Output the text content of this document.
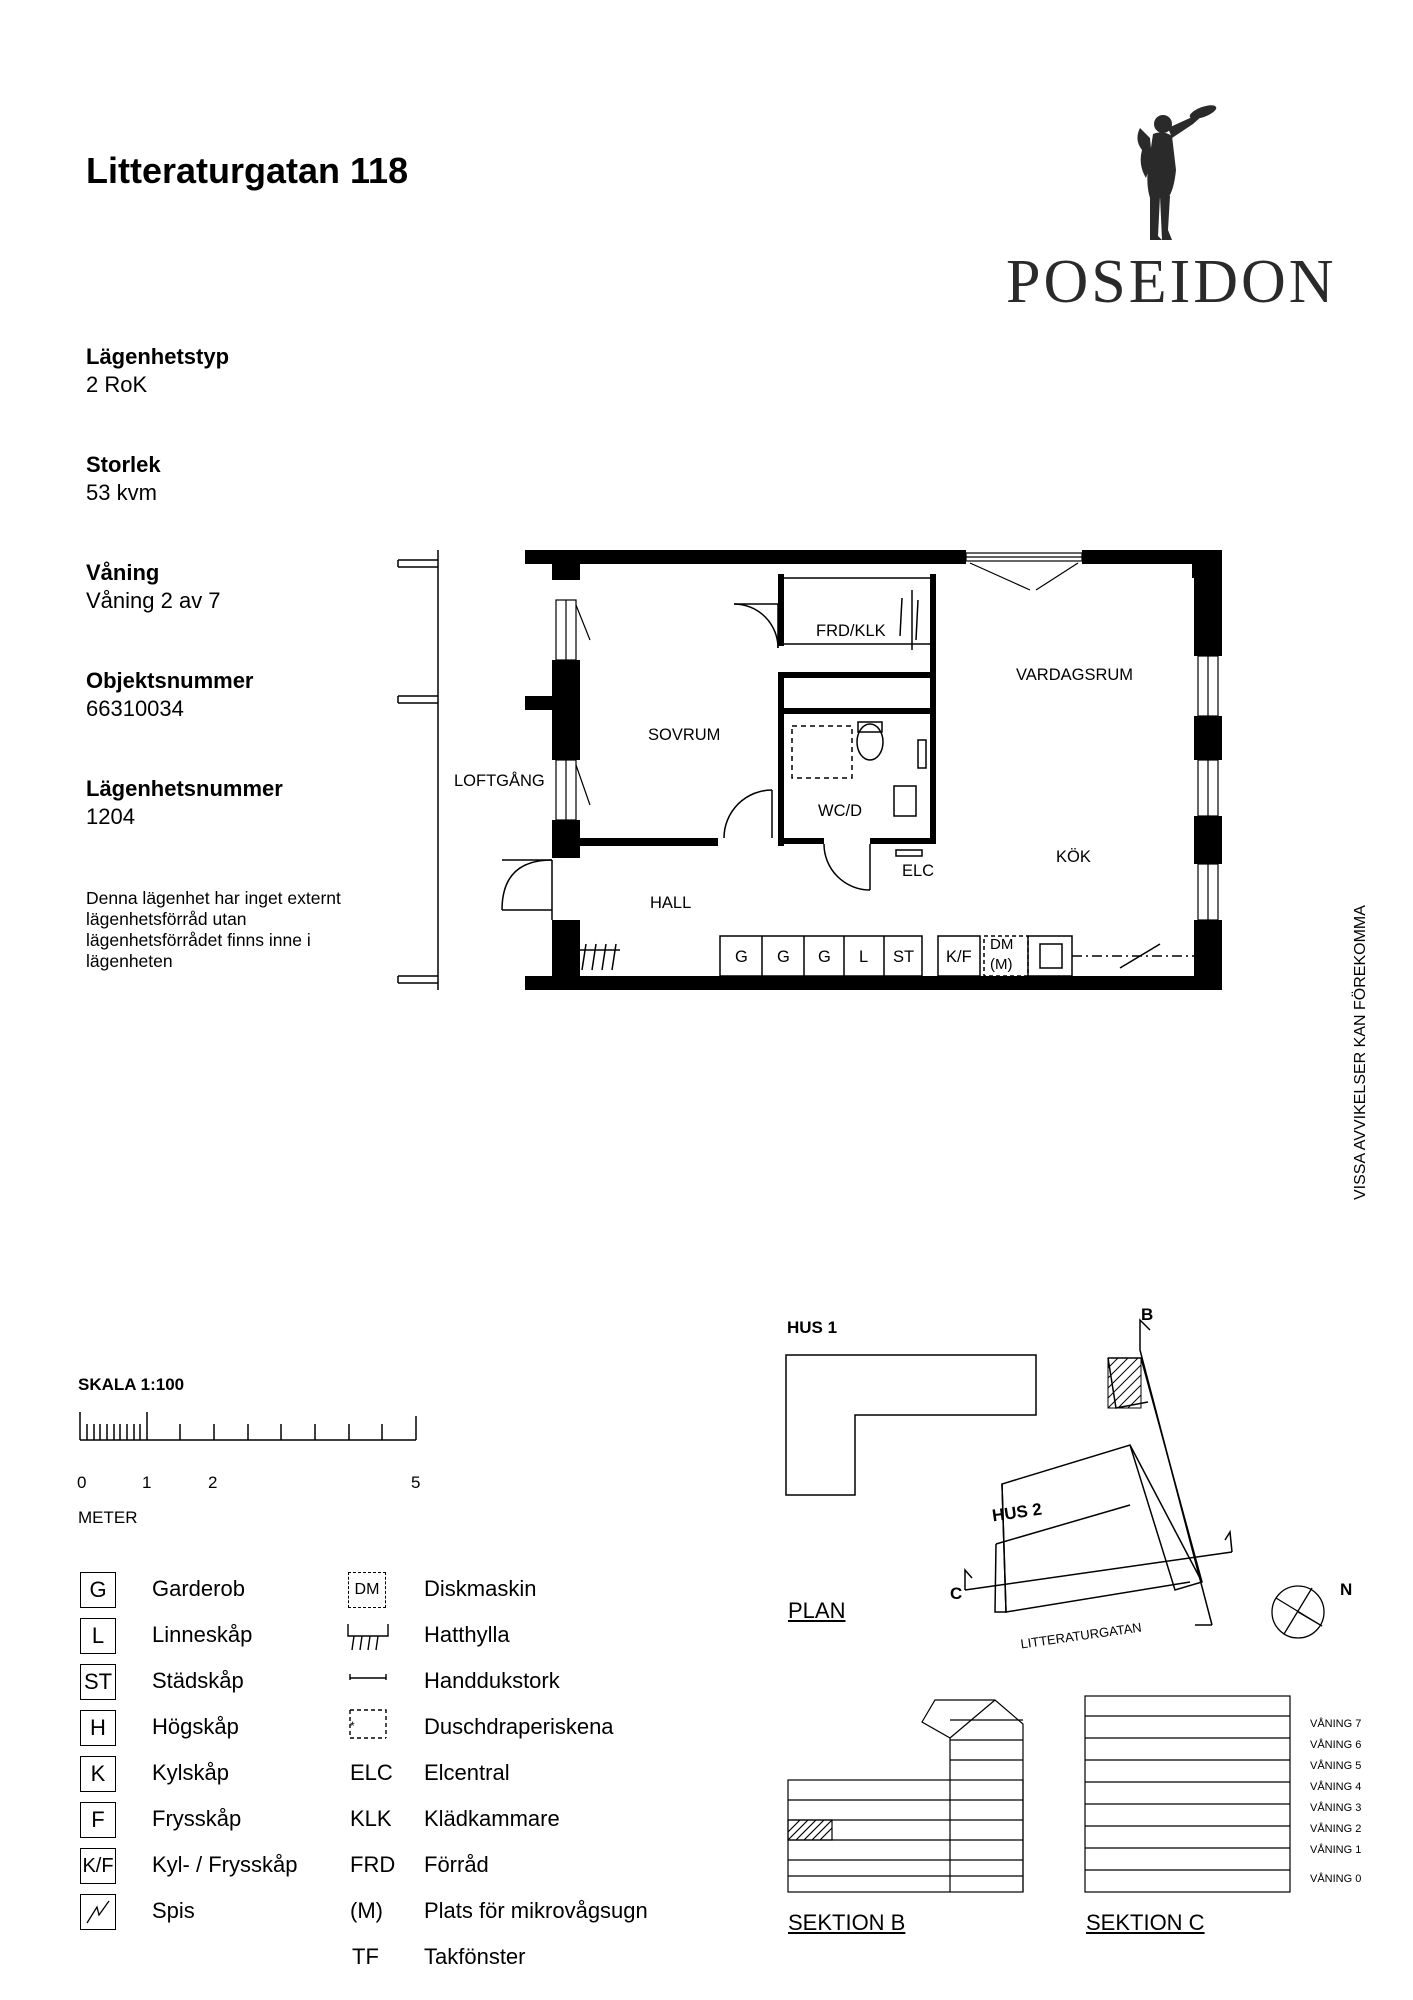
Litteraturgatan 118
POSEIDON
Lägenhetstyp
2 RoK
Storlek
53 kvm
Våning
Våning 2 av 7
Objektsnummer
66310034
Lägenhetsnummer
1204
Denna lägenhet har inget externt lägenhetsförråd utan lägenhetsförrådet finns inne i lägenheten	VISSA AVVIKELSER KAN FÖREKOMMA
LOFTGÅNG
SOVRUM
FRD/KLK
VARDAGSRUM
WC/D
ELC
KÖK
HALL
G G G L ST K/F
DM
(M)
SKALA 1:100
0	1	2	5
METER
G	Garderob
L	Linneskåp
ST Städskåp
H	Högskåp
K	Kylskåp
F	Frysskåp
K/F Kyl- / Frysskåp
Spis
DM Diskmaskin
*
Hatthylla
Handdukstork
Duschdraperiskena
ELC Elcentral
KLK Klädkammare
FRD Förråd
(M) Plats för mikrovågsugn
TF Takfönster
HUS 1
HUS 2
PLAN
LITTERATURGATAN
B
C	N
SEKTION B	SEKTION C
VÅNING 7
VÅNING 6
VÅNING 5
VÅNING 4
VÅNING 3
VÅNING 2
VÅNING 1
VÅNING 0
